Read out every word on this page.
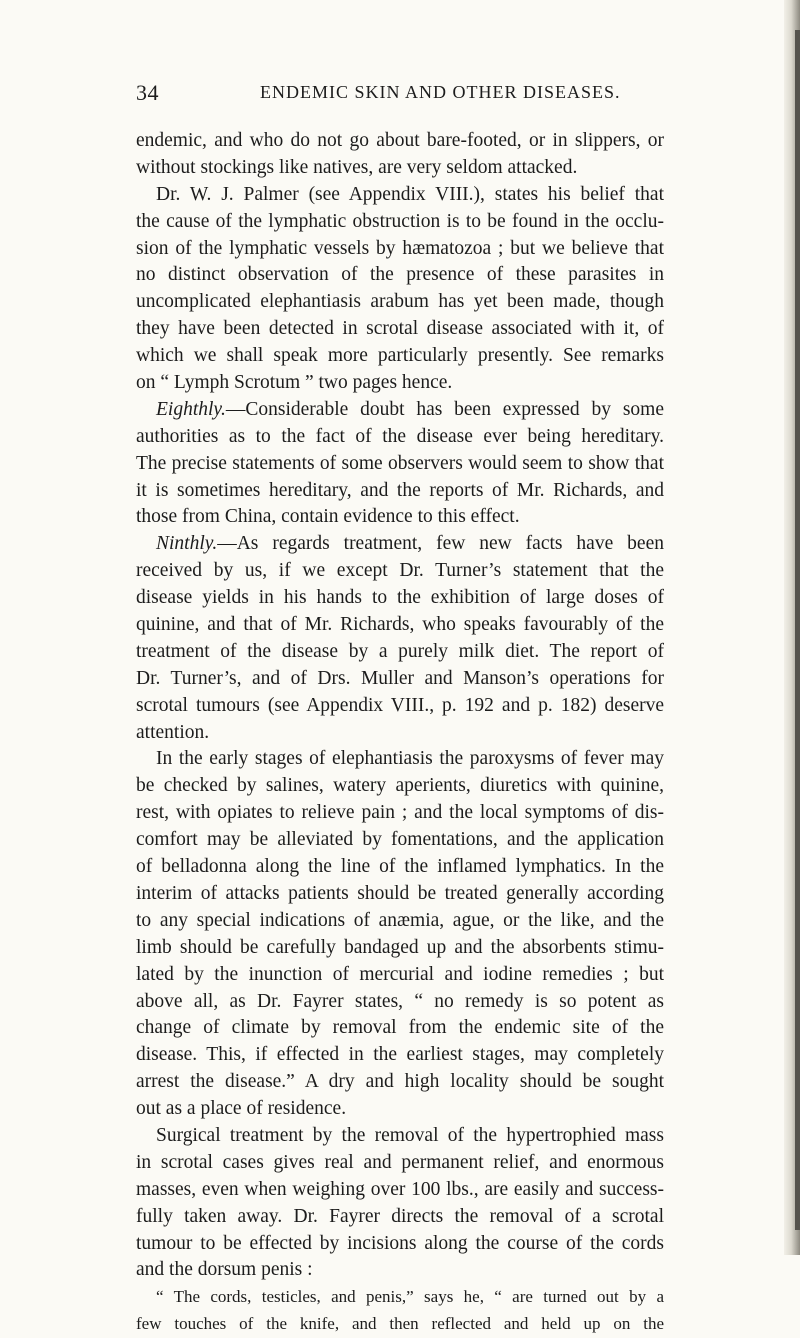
34	ENDEMIC SKIN AND OTHER DISEASES.
endemic, and who do not go about bare-footed, or in slippers, or
without stockings like natives, are very seldom attacked.
Dr. W. J. Palmer (see Appendix VIII.), states his belief that
the cause of the lymphatic obstruction is to be found in the occlu-
sion of the lymphatic vessels by hæmatozoa ; but we believe that
no distinct observation of the presence of these parasites in
uncomplicated elephantiasis arabum has yet been made, though
they have been detected in scrotal disease associated with it, of
which we shall speak more particularly presently. See remarks
on “ Lymph Scrotum ” two pages hence.
Eighthly.—Considerable doubt has been expressed by some
authorities as to the fact of the disease ever being hereditary.
The precise statements of some observers would seem to show that
it is sometimes hereditary, and the reports of Mr. Richards, and
those from China, contain evidence to this effect.
Ninthly.—As regards treatment, few new facts have been
received by us, if we except Dr. Turner’s statement that the
disease yields in his hands to the exhibition of large doses of
quinine, and that of Mr. Richards, who speaks favourably of the
treatment of the disease by a purely milk diet. The report of
Dr. Turner’s, and of Drs. Muller and Manson’s operations for
scrotal tumours (see Appendix VIII., p. 192 and p. 182) deserve
attention.
In the early stages of elephantiasis the paroxysms of fever may
be checked by salines, watery aperients, diuretics with quinine,
rest, with opiates to relieve pain ; and the local symptoms of dis-
comfort may be alleviated by fomentations, and the application
of belladonna along the line of the inflamed lymphatics. In the
interim of attacks patients should be treated generally according
to any special indications of anæmia, ague, or the like, and the
limb should be carefully bandaged up and the absorbents stimu-
lated by the inunction of mercurial and iodine remedies ; but
above all, as Dr. Fayrer states, “ no remedy is so potent as
change of climate by removal from the endemic site of the
disease. This, if effected in the earliest stages, may completely
arrest the disease.” A dry and high locality should be sought
out as a place of residence.
Surgical treatment by the removal of the hypertrophied mass
in scrotal cases gives real and permanent relief, and enormous
masses, even when weighing over 100 lbs., are easily and success-
fully taken away. Dr. Fayrer directs the removal of a scrotal
tumour to be effected by incisions along the course of the cords
and the dorsum penis :
“ The cords, testicles, and penis,” says he, “ are turned out by a
few touches of the knife, and then reflected and held up on the
